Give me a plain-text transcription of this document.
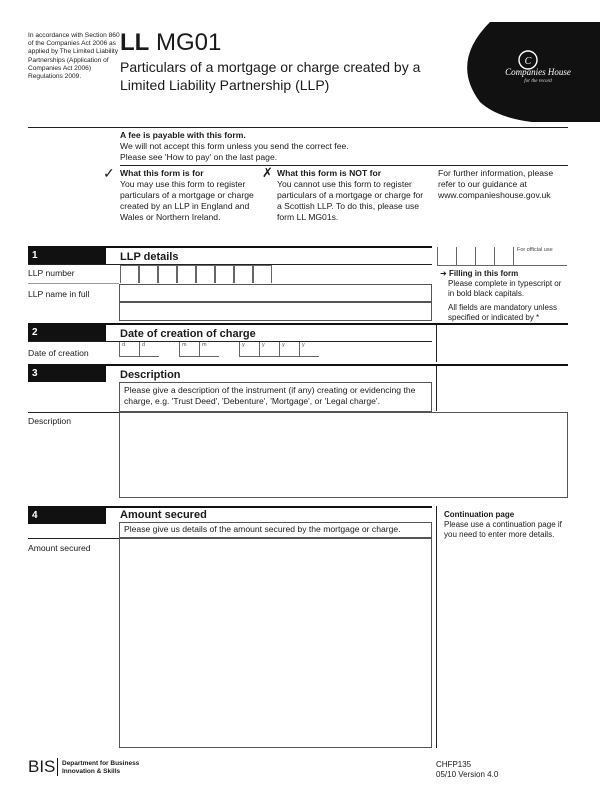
In accordance with Section 860 of the Companies Act 2006 as applied by The Limited Liability Partnerships (Application of Companies Act 2006) Regulations 2009.
LL MG01
Particulars of a mortgage or charge created by a Limited Liability Partnership (LLP)
C
Companies House
for the record
A fee is payable with this form.
We will not accept this form unless you send the correct fee.
Please see 'How to pay' on the last page.
✓ What this form is for
You may use this form to register particulars of a mortgage or charge created by an LLP in England and Wales or Northern Ireland.
✗ What this form is NOT for
You cannot use this form to register particulars of a mortgage or charge for a Scottish LLP. To do this, please use form LL MG01s.
For further information, please refer to our guidance at www.companieshouse.gov.uk
1	LLP details
For official use
LLP number
LLP name in full
➜ Filling in this form
Please complete in typescript or in bold black capitals.
All fields are mandatory unless specified or indicated by *
2	Date of creation of charge
Date of creation
d	d	m	m	y	y	y	y
3	Description
Please give a description of the instrument (if any) creating or evidencing the charge, e.g. 'Trust Deed', 'Debenture', 'Mortgage', or 'Legal charge'.
Description
4	Amount secured
Please give us details of the amount secured by the mortgage or charge.
Amount secured
Continuation page
Please use a continuation page if you need to enter more details.
BIS Department for Business
Innovation & Skills
CHFP135
05/10 Version 4.0
